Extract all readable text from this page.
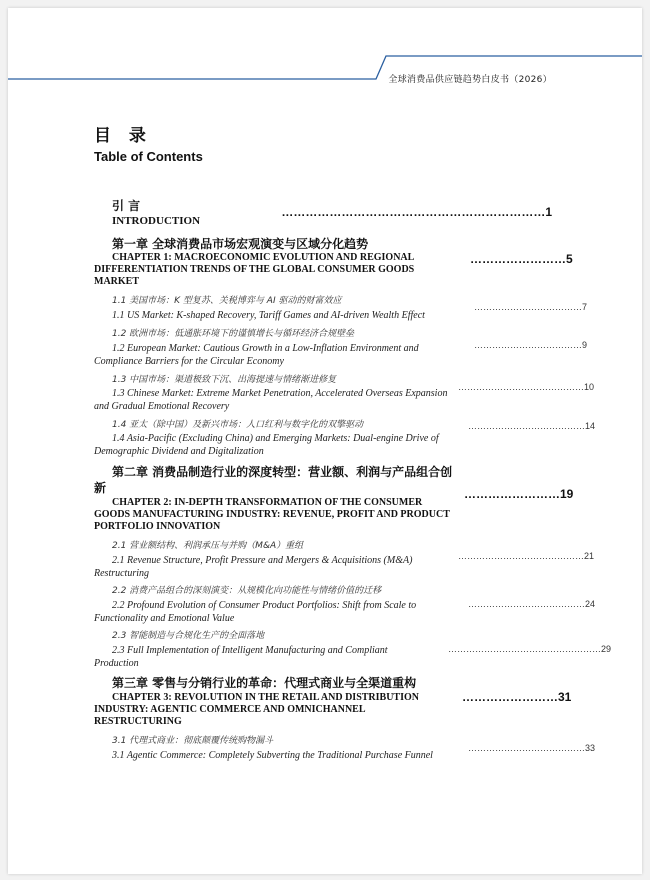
全球消费品供应链趋势白皮书（2026）
目 录
Table of Contents
引 言
INTRODUCTION
…………………………………………………………1
第一章 全球消费品市场宏观演变与区域分化趋势
CHAPTER 1: MACROECONOMIC EVOLUTION AND REGIONAL DIFFERENTIATION TRENDS OF THE GLOBAL CONSUMER GOODS MARKET
……………………5
1.1 美国市场：K 型复苏、关税博弈与 AI 驱动的财富效应
1.1 US Market: K-shaped Recovery, Tariff Games and AI-driven Wealth Effect
………………………………7
1.2 欧洲市场：低通胀环境下的谨慎增长与循环经济合规壁垒
1.2 European Market: Cautious Growth in a Low-Inflation Environment and Compliance Barriers for the Circular Economy
………………………………9
1.3 中国市场：渠道极致下沉、出海提速与情绪渐进修复
1.3 Chinese Market: Extreme Market Penetration, Accelerated Overseas Expansion and Gradual Emotional Recovery
……………………………………10
1.4 亚太（除中国）及新兴市场：人口红利与数字化的双擎驱动
1.4 Asia-Pacific (Excluding China) and Emerging Markets: Dual-engine Drive of Demographic Dividend and Digitalization
…………………………………14
第二章 消费品制造行业的深度转型：营业额、利润与产品组合创新
CHAPTER 2: IN-DEPTH TRANSFORMATION OF THE CONSUMER GOODS MANUFACTURING INDUSTRY: REVENUE, PROFIT AND PRODUCT PORTFOLIO INNOVATION
……………………19
2.1 营业额结构、利润承压与并购（M&A）重组
2.1 Revenue Structure, Profit Pressure and Mergers & Acquisitions (M&A) Restructuring
……………………………………21
2.2 消费产品组合的深刻演变：从规模化向功能性与情绪价值的迁移
2.2 Profound Evolution of Consumer Product Portfolios: Shift from Scale to Functionality and Emotional Value
…………………………………24
2.3 智能制造与合规化生产的全面落地
2.3 Full Implementation of Intelligent Manufacturing and Compliant Production
……………………………………………29
第三章 零售与分销行业的革命：代理式商业与全渠道重构
CHAPTER 3: REVOLUTION IN THE RETAIL AND DISTRIBUTION INDUSTRY: AGENTIC COMMERCE AND OMNICHANNEL RESTRUCTURING
……………………31
3.1 代理式商业：彻底颠覆传统购物漏斗
3.1 Agentic Commerce: Completely Subverting the Traditional Purchase Funnel
…………………………………33
